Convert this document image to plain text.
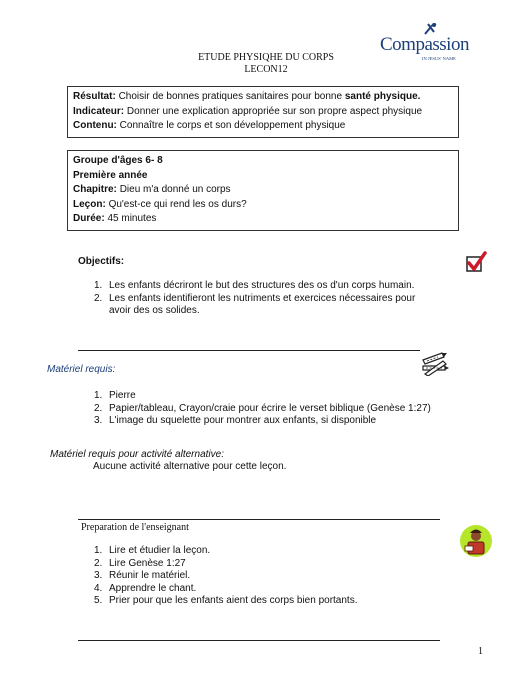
ETUDE PHYSIQHE DU CORPS
LECON12
Compassion
IN JESUS' NAME
Résultat: Choisir de bonnes pratiques sanitaires pour bonne santé physique.
Indicateur: Donner une explication appropriée sur son propre aspect physique
Contenu: Connaître le corps et son développement physique
Groupe d'âges 6- 8
Première année
Chapitre: Dieu m'a donné un corps
Leçon: Qu'est-ce qui rend les os durs?
Durée: 45 minutes
Objectifs:
1. Les enfants décriront le but des structures des os d'un corps humain.
2. Les enfants identifieront les nutriments et exercices nécessaires pour avoir des os solides.
Matériel requis:
1. Pierre
2. Papier/tableau, Crayon/craie pour écrire le verset biblique (Genèse 1:27)
3. L'image du squelette pour montrer aux enfants, si disponible
Matériel requis pour activité alternative:
Aucune activité alternative pour cette leçon.
Preparation de l'enseignant
1. Lire et étudier la leçon.
2. Lire Genèse 1:27
3. Réunir le matériel.
4. Apprendre le chant.
5. Prier pour que les enfants aient des corps bien portants.
1
